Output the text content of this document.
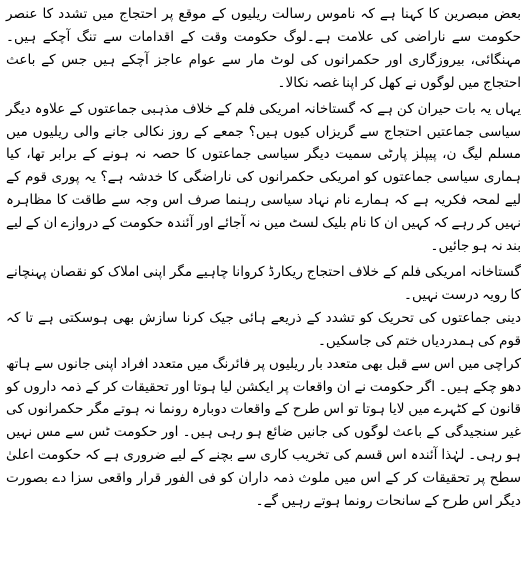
بعض مبصرین کا کہنا ہے کہ ناموس رسالت ریلیوں کے موقع پر احتجاج میں تشدد کا عنصر حکومت سے ناراضی کی علامت ہے۔لوگ حکومت وقت کے اقدامات سے تنگ آچکے ہیں۔ مہنگائی، بیروزگاری اور حکمرانوں کی لوٹ مار سے عوام عاجز آچکے ہیں جس کے باعث احتجاج میں لوگوں نے کھل کر اپنا غصہ نکالا۔

یہاں یہ بات حیران کن ہے کہ گستاخانہ امریکی فلم کے خلاف مذہبی جماعتوں کے علاوہ دیگر سیاسی جماعتیں احتجاج سے گریزاں کیوں ہیں؟ جمعے کے روز نکالی جانے والی ریلیوں میں مسلم لیگ ن، پیپلز پارٹی سمیت دیگر سیاسی جماعتوں کا حصہ نہ ہونے کے برابر تھا، کیا ہماری سیاسی جماعتوں کو امریکی حکمرانوں کی ناراضگی کا خدشہ ہے؟ یہ پوری قوم کے لیے لمحہ فکریہ ہے کہ ہمارے نام نہاد سیاسی رہنما صرف اس وجہ سے طاقت کا مظاہرہ نہیں کر رہے کہ کہیں ان کا نام بلیک لسٹ میں نہ آجائے اور آئندہ حکومت کے دروازے ان کے لیے بند نہ ہو جائیں۔

گستاخانہ امریکی فلم کے خلاف احتجاج ریکارڈ کروانا چاہیے مگر اپنی املاک کو نقصان پہنچانے کا رویہ درست نہیں۔

دینی جماعتوں کی تحریک کو تشدد کے ذریعے ہائی جیک کرنا سازش بھی ہوسکتی ہے تا کہ قوم کی ہمدردیاں ختم کی جاسکیں۔

کراچی میں اس سے قبل بھی متعدد بار ریلیوں پر فائرنگ میں متعدد افراد اپنی جانوں سے ہاتھ دھو چکے ہیں۔ اگر حکومت نے ان واقعات پر ایکشن لیا ہوتا اور تحقیقات کر کے ذمہ داروں کو قانون کے کٹہرے میں لایا ہوتا تو اس طرح کے واقعات دوبارہ رونما نہ ہوتے مگر حکمرانوں کی غیر سنجیدگی کے باعث لوگوں کی جانیں ضائع ہو رہی ہیں۔ اور حکومت ٹس سے مس نہیں ہو رہی۔ لہٰذا آئندہ اس قسم کی تخریب کاری سے بچنے کے لیے ضروری ہے کہ حکومت اعلیٰ سطح پر تحقیقات کر کے اس میں ملوث ذمہ داران کو فی الفور قرار واقعی سزا دے بصورت دیگر اس طرح کے سانحات رونما ہوتے رہیں گے۔
